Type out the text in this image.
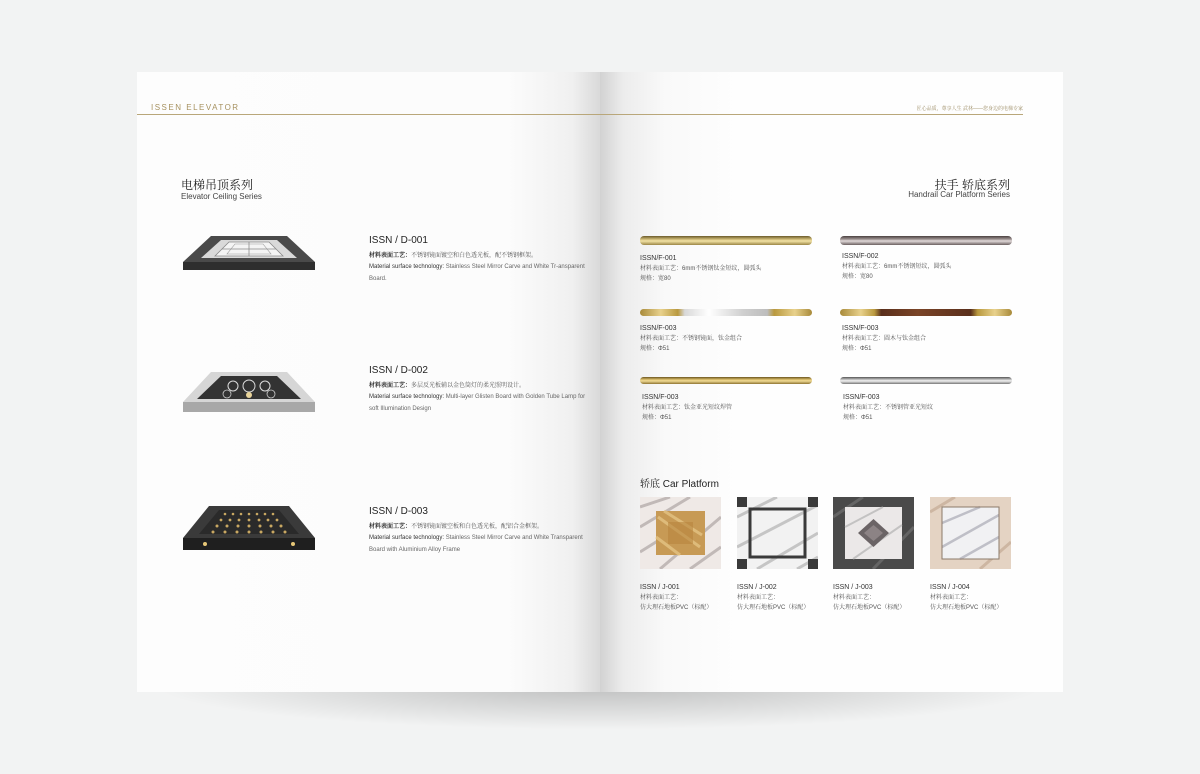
ISSEN ELEVATOR
电梯吊顶系列
Elevator Ceiling Series
ISSN / D-001
材料表面工艺：不锈钢镜面镀空和白色透光板，配不锈钢框架。
Material surface technology: Stainless Steel Mirror Carve and White Tr-ansparent Board.
ISSN / D-002
材料表面工艺：多层反光板辅以金色筒灯的柔光照明设计。
Material surface technology: Multi-layer Glisten Board with Golden Tube Lamp for soft Illumination Design
ISSN / D-003
材料表面工艺：不锈钢镜面镀空板和白色透光板，配铝合金框架。
Material surface technology: Stainless Steel Mirror Carve and White Transparent Board with Aluminium Alloy Frame
匠心品质，尊享人生 武林——您身边的电梯专家
扶手 轿底系列
Handrail Car Platform Series
ISSN/F-001
材料表面工艺：6mm不锈钢钛金短纹，圆弧头
规格：宽80
ISSN/F-002
材料表面工艺：6mm不锈钢短纹，圆弧头
规格：宽80
ISSN/F-003
材料表面工艺：不锈钢镜面，钛金组合
规格：Φ51
ISSN/F-003
材料表面工艺：圆木与钛金组合
规格：Φ51
ISSN/F-003
材料表面工艺：钛金亚光短纹焊管
规格：Φ51
ISSN/F-003
材料表面工艺：不锈钢管亚光短纹
规格：Φ51
轿底 Car Platform
ISSN / J-001
材料表面工艺：
仿大理石地板PVC（标配）
ISSN / J-002
材料表面工艺：
仿大理石地板PVC（标配）
ISSN / J-003
材料表面工艺：
仿大理石地板PVC（标配）
ISSN / J-004
材料表面工艺：
仿大理石地板PVC（标配）
